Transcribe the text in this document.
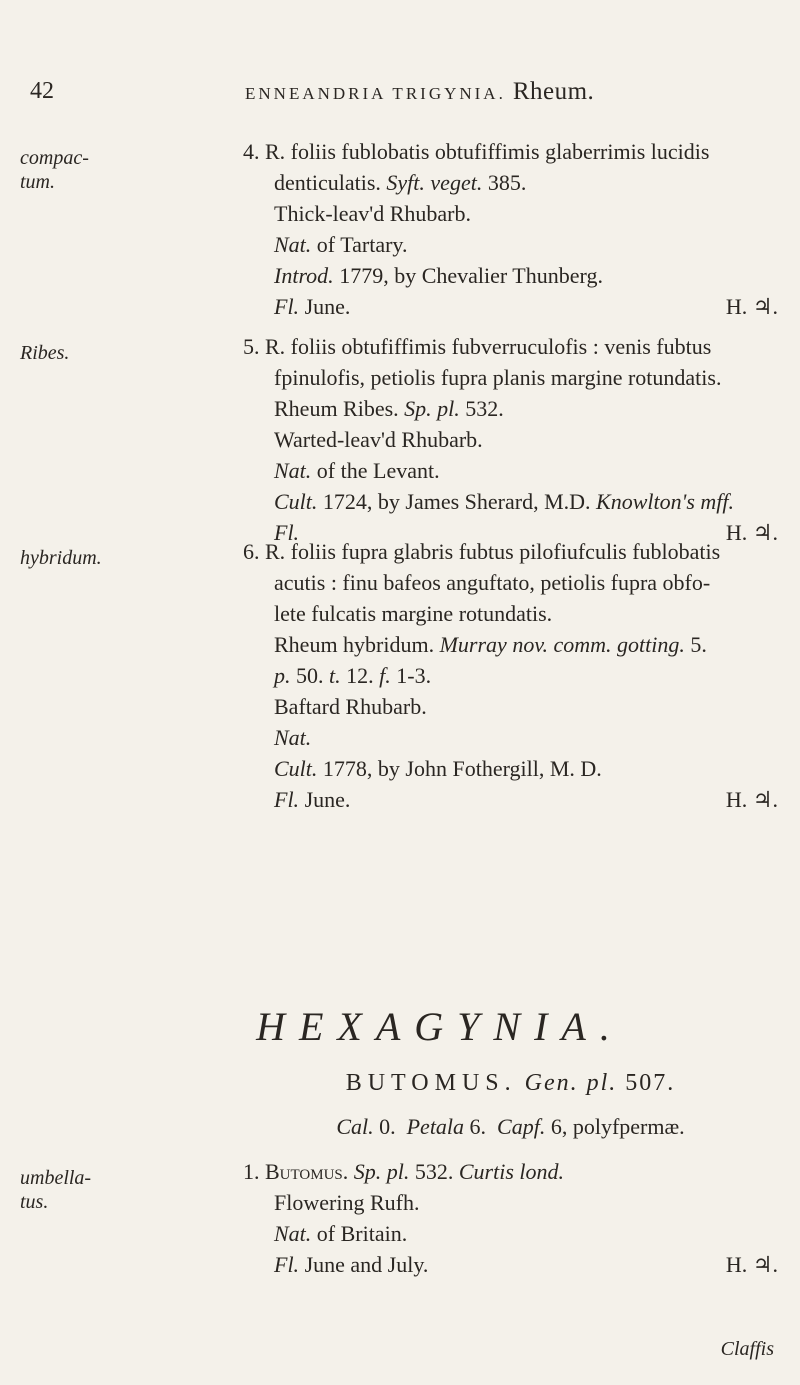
42	ENNEANDRIA TRIGYNIA. Rheum.
compac-
tum.
4. R. foliis fublobatis obtufiffimis glaberrimis lucidis
denticulatis. Syft. veget. 385.
Thick-leav'd Rhubarb.
Nat. of Tartary.
Introd. 1779, by Chevalier Thunberg.
Fl. June.	H. ♃.
Ribes.	5. R. foliis obtufiffimis fubverruculofis : venis fubtus
fpinulofis, petiolis fupra planis margine rotundatis.
Rheum Ribes. Sp. pl. 532.
Warted-leav'd Rhubarb.
Nat. of the Levant.
Cult. 1724, by James Sherard, M.D. Knowlton's mff.
Fl.	H. ♃.
hybridum.	6. R. foliis fupra glabris fubtus pilofiufculis fublobatis
acutis : finu bafeos anguftato, petiolis fupra obfo-
lete fulcatis margine rotundatis.
Rheum hybridum. Murray nov. comm. gotting. 5.
p. 50. t. 12. f. 1-3.
Baftard Rhubarb.
Nat.
Cult. 1778, by John Fothergill, M. D.
Fl. June.	H. ♃.
HEXAGYNIA.
BUTOMUS. Gen. pl. 507.
Cal. 0. Petala 6. Capf. 6, polyfpermæ.
umbella-
tus.
1. Butomus. Sp. pl. 532. Curtis lond.
Flowering Rufh.
Nat. of Britain.
Fl. June and July.	H. ♃.
Claffis
